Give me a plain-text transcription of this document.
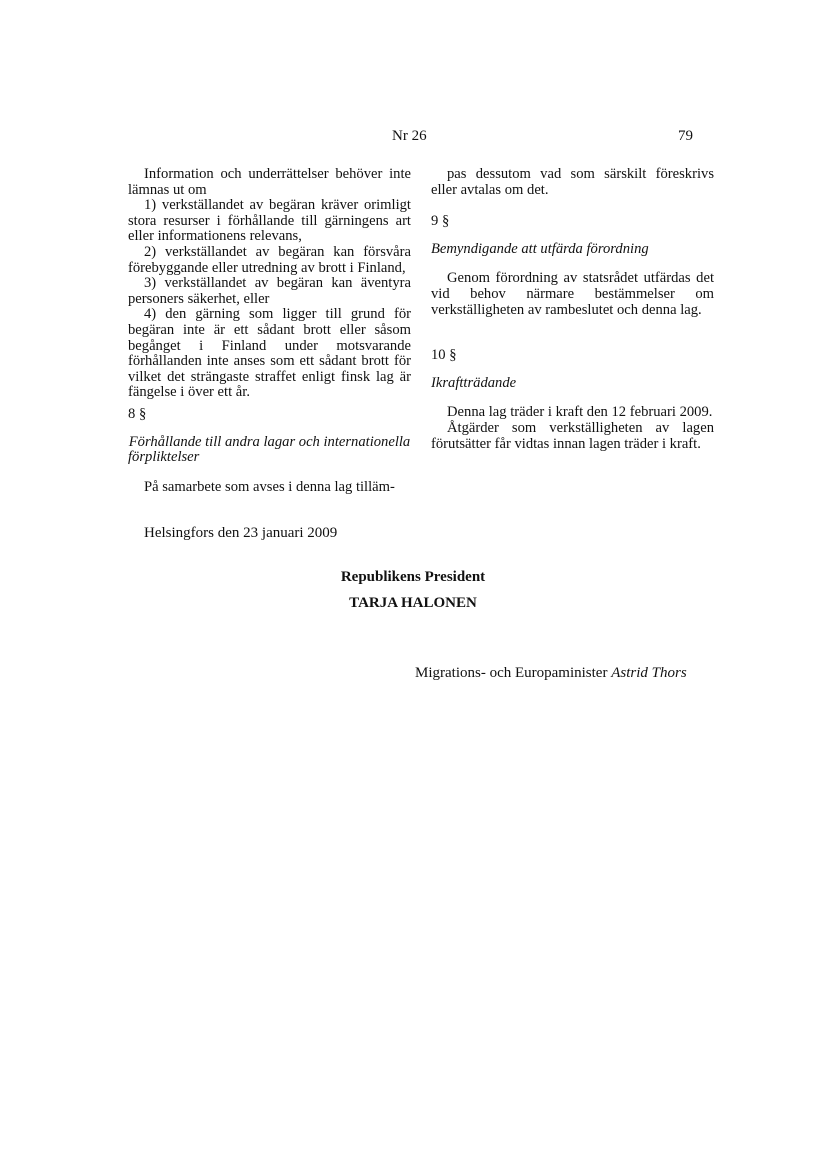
Nr 26	79

Information och underrättelser behöver inte lämnas ut om

1) verkställandet av begäran kräver orimligt stora resurser i förhållande till gärningens art eller informationens relevans,

2) verkställandet av begäran kan försvåra förebyggande eller utredning av brott i Finland,

3) verkställandet av begäran kan äventyra personers säkerhet, eller

4) den gärning som ligger till grund för begäran inte är ett sådant brott eller såsom begånget i Finland under motsvarande förhållanden inte anses som ett sådant brott för vilket det strängaste straffet enligt finsk lag är fängelse i över ett år.

8 §

Förhållande till andra lagar och internationella förpliktelser

På samarbete som avses i denna lag tilläm-

pas dessutom vad som särskilt föreskrivs eller avtalas om det.

9 §

Bemyndigande att utfärda förordning

Genom förordning av statsrådet utfärdas det vid behov närmare bestämmelser om verkställigheten av rambeslutet och denna lag.

10 §

Ikraftträdande

Denna lag träder i kraft den 12 februari 2009.

Åtgärder som verkställigheten av lagen förutsätter får vidtas innan lagen träder i kraft.

Helsingfors den 23 januari 2009
Republikens President
TARJA HALONEN
Migrations- och Europaminister Astrid Thors
